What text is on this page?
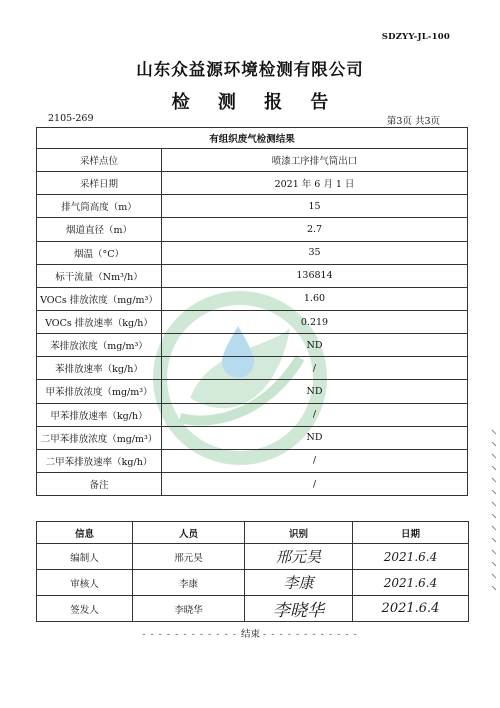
SDZYY-JL-100
山东众益源环境检测有限公司
检 测 报 告
2105-269	第3页 共3页
有组织废气检测结果	
采样点位	喷漆工序排气筒出口
采样日期	2021 年 6 月 1 日
排气筒高度（m）	15
烟道直径（m）	2.7
烟温（°C）	35
标干流量（Nm³/h）	136814
VOCs 排放浓度（mg/m³）	1.60
VOCs 排放速率（kg/h）	0.219
苯排放浓度（mg/m³）	ND
苯排放速率（kg/h）	/
甲苯排放浓度（mg/m³）	ND
甲苯排放速率（kg/h）	/
二甲苯排放浓度（mg/m³）	ND
二甲苯排放速率（kg/h）	/
备注	/
信息	人员	识别	日期
编制人	邢元昊	邢元昊	2021.6.4
审核人	李康	李康	2021.6.4
签发人	李晓华	李晓华	2021.6.4
- - - - - - - - - - - - 结束 - - - - - - - - - - - -
